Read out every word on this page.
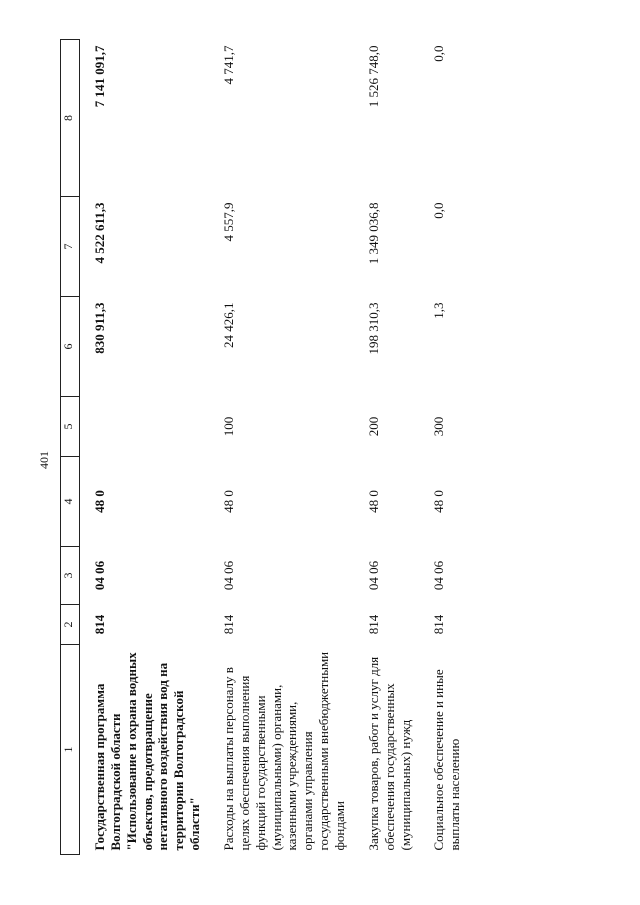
401
1	2	3	4	5	6	7	8
Государственная программа Волгоградской области "Использование и охрана водных объектов, предотвращение негативного воздействия вод на территории Волгоградской области"	814	04 06	48 0		830 911,3	4 522 611,3	7 141 091,7
Расходы на выплаты персоналу в целях обеспечения выполнения функций государственными (муниципальными) органами, казенными учреждениями, органами управления государственными внебюджетными фондами	814	04 06	48 0	100	24 426,1	4 557,9	4 741,7
Закупка товаров, работ и услуг для обеспечения государственных (муниципальных) нужд	814	04 06	48 0	200	198 310,3	1 349 036,8	1 526 748,0
Социальное обеспечение и иные выплаты населению	814	04 06	48 0	300	1,3	0,0	0,0
